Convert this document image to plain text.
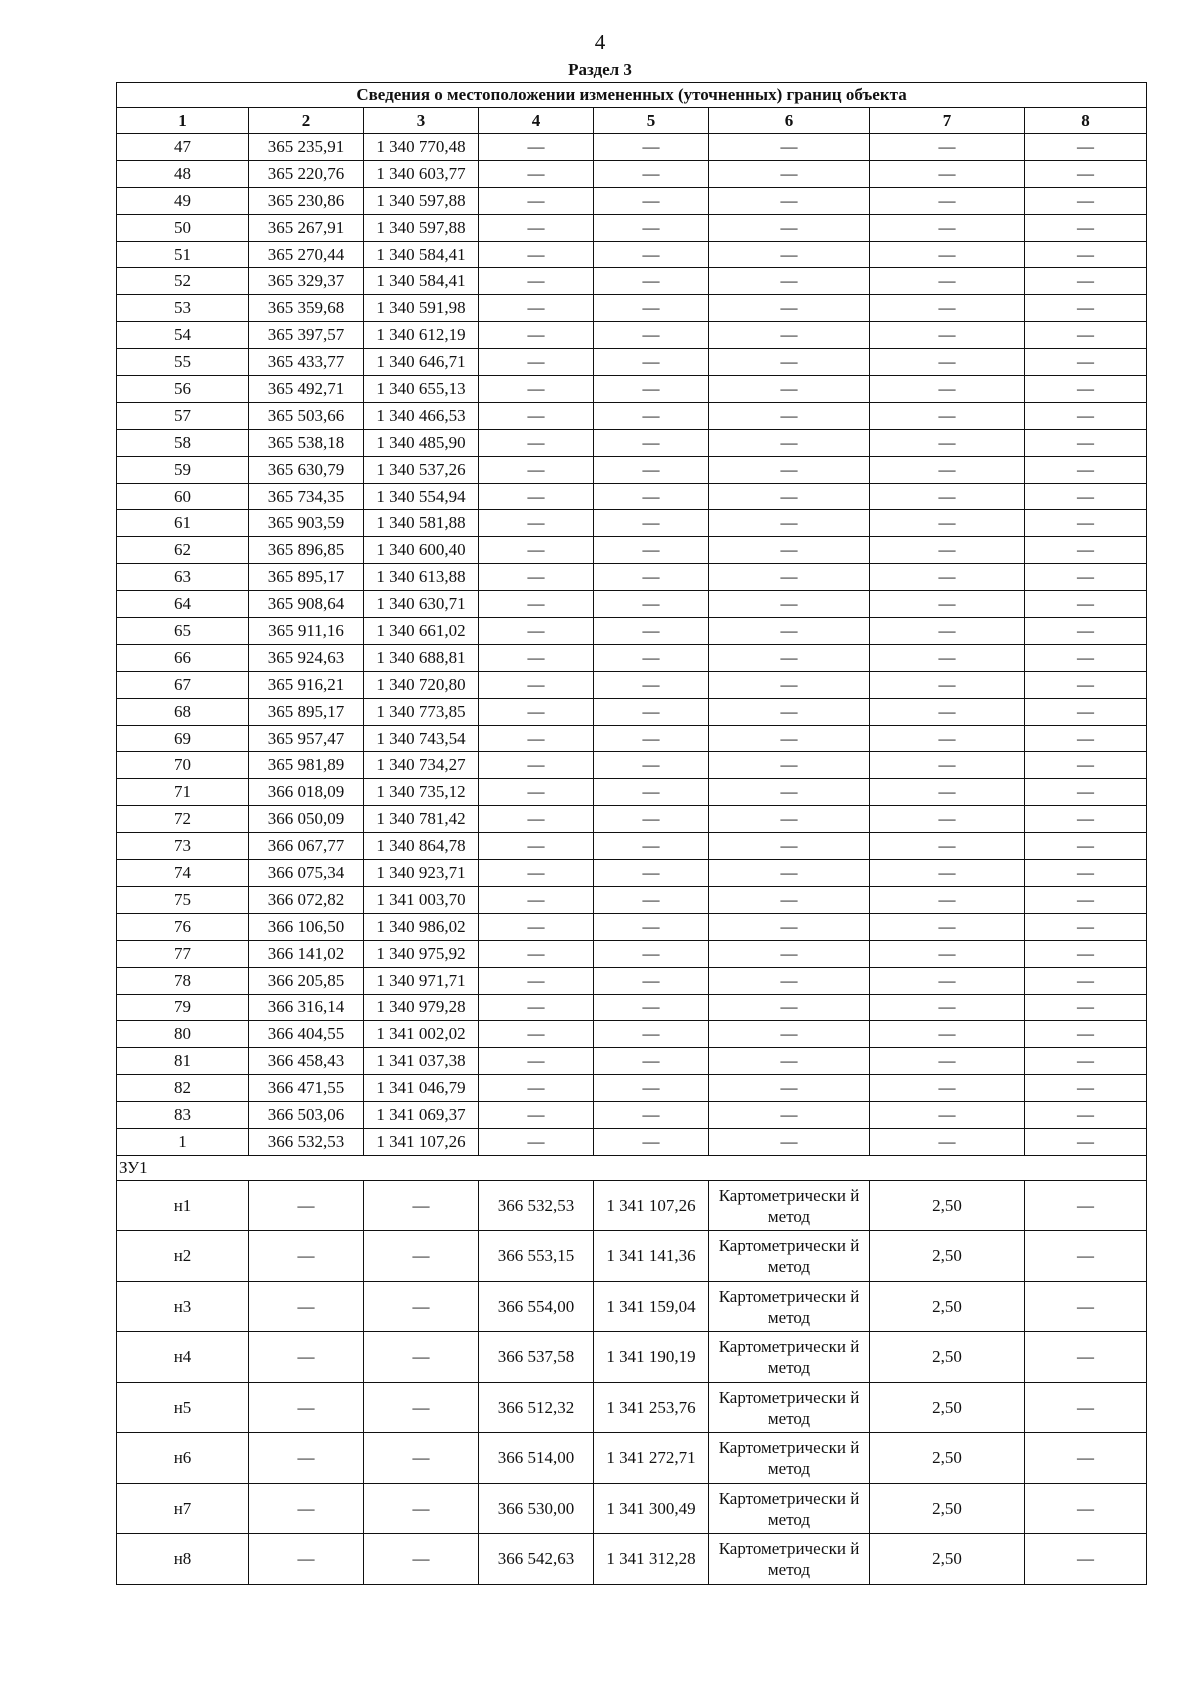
4
Раздел 3
Сведения о местоположении измененных (уточненных) границ объекта							
1	2	3	4	5	6	7	8
47	365 235,91	1 340 770,48	—	—	—	—	—
48	365 220,76	1 340 603,77	—	—	—	—	—
49	365 230,86	1 340 597,88	—	—	—	—	—
50	365 267,91	1 340 597,88	—	—	—	—	—
51	365 270,44	1 340 584,41	—	—	—	—	—
52	365 329,37	1 340 584,41	—	—	—	—	—
53	365 359,68	1 340 591,98	—	—	—	—	—
54	365 397,57	1 340 612,19	—	—	—	—	—
55	365 433,77	1 340 646,71	—	—	—	—	—
56	365 492,71	1 340 655,13	—	—	—	—	—
57	365 503,66	1 340 466,53	—	—	—	—	—
58	365 538,18	1 340 485,90	—	—	—	—	—
59	365 630,79	1 340 537,26	—	—	—	—	—
60	365 734,35	1 340 554,94	—	—	—	—	—
61	365 903,59	1 340 581,88	—	—	—	—	—
62	365 896,85	1 340 600,40	—	—	—	—	—
63	365 895,17	1 340 613,88	—	—	—	—	—
64	365 908,64	1 340 630,71	—	—	—	—	—
65	365 911,16	1 340 661,02	—	—	—	—	—
66	365 924,63	1 340 688,81	—	—	—	—	—
67	365 916,21	1 340 720,80	—	—	—	—	—
68	365 895,17	1 340 773,85	—	—	—	—	—
69	365 957,47	1 340 743,54	—	—	—	—	—
70	365 981,89	1 340 734,27	—	—	—	—	—
71	366 018,09	1 340 735,12	—	—	—	—	—
72	366 050,09	1 340 781,42	—	—	—	—	—
73	366 067,77	1 340 864,78	—	—	—	—	—
74	366 075,34	1 340 923,71	—	—	—	—	—
75	366 072,82	1 341 003,70	—	—	—	—	—
76	366 106,50	1 340 986,02	—	—	—	—	—
77	366 141,02	1 340 975,92	—	—	—	—	—
78	366 205,85	1 340 971,71	—	—	—	—	—
79	366 316,14	1 340 979,28	—	—	—	—	—
80	366 404,55	1 341 002,02	—	—	—	—	—
81	366 458,43	1 341 037,38	—	—	—	—	—
82	366 471,55	1 341 046,79	—	—	—	—	—
83	366 503,06	1 341 069,37	—	—	—	—	—
1	366 532,53	1 341 107,26	—	—	—	—	—
ЗУ1							
н1	—	—	366 532,53	1 341 107,26	Картометрически й метод	2,50	—
н2	—	—	366 553,15	1 341 141,36	Картометрически й метод	2,50	—
н3	—	—	366 554,00	1 341 159,04	Картометрически й метод	2,50	—
н4	—	—	366 537,58	1 341 190,19	Картометрически й метод	2,50	—
н5	—	—	366 512,32	1 341 253,76	Картометрически й метод	2,50	—
н6	—	—	366 514,00	1 341 272,71	Картометрически й метод	2,50	—
н7	—	—	366 530,00	1 341 300,49	Картометрически й метод	2,50	—
н8	—	—	366 542,63	1 341 312,28	Картометрически й метод	2,50	—
